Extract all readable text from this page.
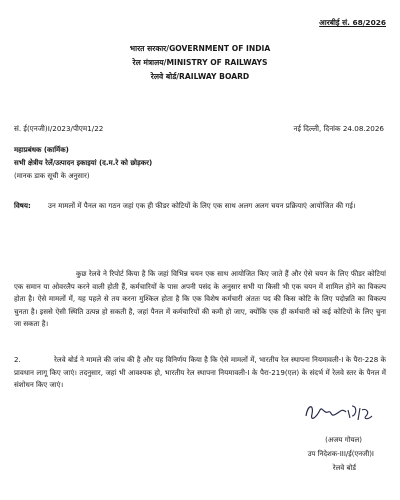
आरबीई सं. 68/2026
भारत सरकार/GOVERNMENT OF INDIA
रेल मंत्रालय/MINISTRY OF RAILWAYS
रेलवे बोर्ड/RAILWAY BOARD
सं. ई(एनजी)I/2023/पीएम1/22	नई दिल्ली, दिनांक 24.08.2026
महाप्रबंधक (कार्मिक)
सभी क्षेत्रीय रेलें/उत्पादन इकाइयां (द.म.रे को छोड़कर)
(मानक डाक सूची के अनुसार)
विषय:	उन मामलों में पैनल का गठन जहां एक ही फीडर कोटियों के लिए एक साथ अलग अलग चयन प्रक्रियाएं आयोजित की गई।
कुछ रेलवे ने रिपोर्ट किया है कि जहां विभिन्न चयन एक साथ आयोजित किए जाते हैं और ऐसे चयन के लिए फीडर कोटियां एक समान या ओवरलैप करने वाली होती हैं, कर्मचारियों के पास अपनी पसंद के अनुसार सभी या किसी भी एक चयन में शामिल होने का विकल्प होता है। ऐसे मामलों में, यह पहले से तय करना मुश्किल होता है कि एक विशेष कर्मचारी अंततः पद की किस कोटि के लिए पदोन्नति का विकल्प चुनता है। इससे ऐसी स्थिति उत्पन्न हो सकती है, जहां पैनल में कर्मचारियों की कमी हो जाए, क्योंकि एक ही कर्मचारी को कई कोटियों के लिए चुना जा सकता है।
2.	रेलवे बोर्ड ने मामले की जांच की है और यह विनिर्णय किया है कि ऐसे मामलों में, भारतीय रेल स्थापना नियमावली-I के पैरा-228 के प्रावधान लागू किए जाएं। तदनुसार, जहां भी आवश्यक हो, भारतीय रेल स्थापना नियमावली-I के पैरा-219(एल) के संदर्भ में रेलवे स्तर के पैनल में संशोधन किए जाएं।
(अजय गोयल)
उप निदेशक-III/ई(एनजी)I
रेलवे बोर्ड
